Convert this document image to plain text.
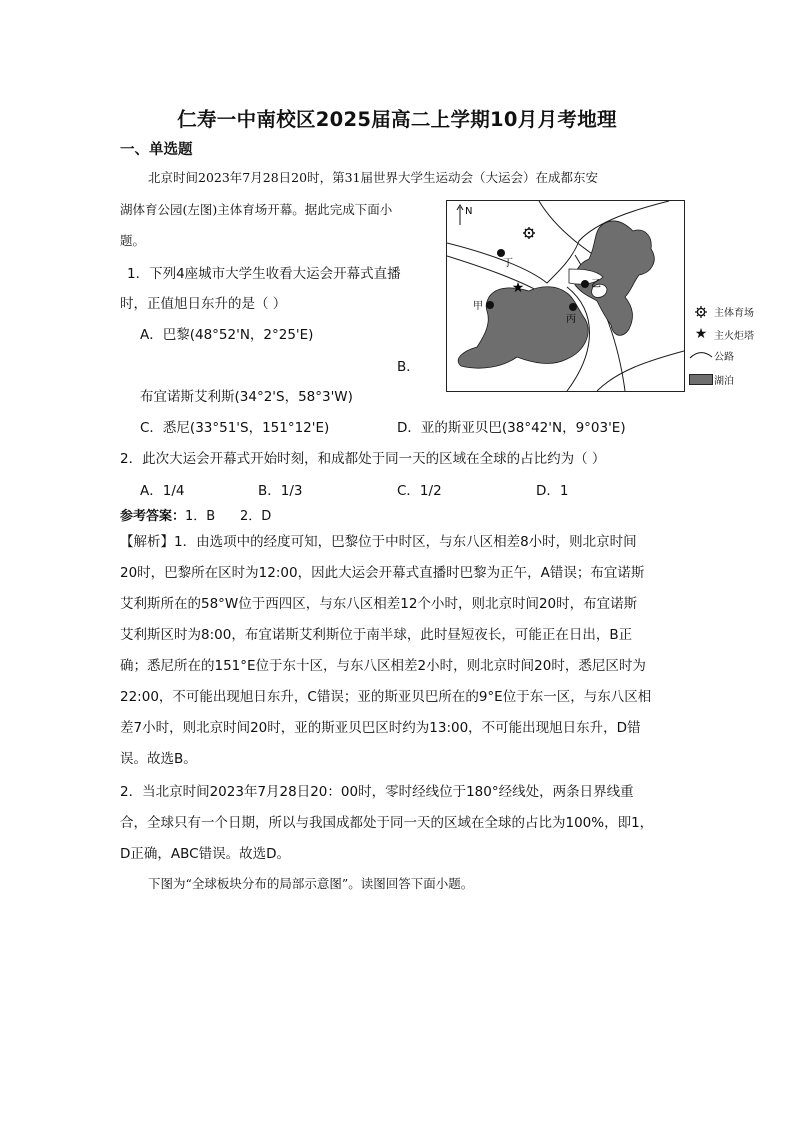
仁寿一中南校区2025届高二上学期10月月考地理
一、单选题
北京时间2023年7月28日20时，第31届世界大学生运动会（大运会）在成都东安
湖体育公园(左图)主体育场开幕。据此完成下面小
题。
1．下列4座城市大学生收看大运会开幕式直播
时，正值旭日东升的是（ ）
A．巴黎(48°52'N，2°25'E)
B．
布宜诺斯艾利斯(34°2'S，58°3'W)
C．悉尼(33°51'S，151°12'E)	D．亚的斯亚贝巴(38°42'N，9°03'E)
2．此次大运会开幕式开始时刻，和成都处于同一天的区域在全球的占比约为（ ）
A．1/4	B．1/3	C．1/2	D．1
参考答案：1．B      2．D
【解析】1．由选项中的经度可知，巴黎位于中时区，与东八区相差8小时，则北京时间
20时，巴黎所在区时为12:00，因此大运会开幕式直播时巴黎为正午，A错误；布宜诺斯
艾利斯所在的58°W位于西四区，与东八区相差12个小时，则北京时间20时，布宜诺斯
艾利斯区时为8:00，布宜诺斯艾利斯位于南半球，此时昼短夜长，可能正在日出，B正
确；悉尼所在的151°E位于东十区，与东八区相差2小时，则北京时间20时，悉尼区时为
22:00，不可能出现旭日东升，C错误；亚的斯亚贝巴所在的9°E位于东一区，与东八区相
差7小时，则北京时间20时，亚的斯亚贝巴区时约为13:00，不可能出现旭日东升，D错
误。故选B。
2．当北京时间2023年7月28日20：00时，零时经线位于180°经线处，两条日界线重
合，全球只有一个日期，所以与我国成都处于同一天的区域在全球的占比为100%，即1，
D正确，ABC错误。故选D。
下图为“全球板块分布的局部示意图”。读图回答下面小题。
N
★
丁
甲
乙
丙
主体育场
★ 主火炬塔
公路
湖泊
